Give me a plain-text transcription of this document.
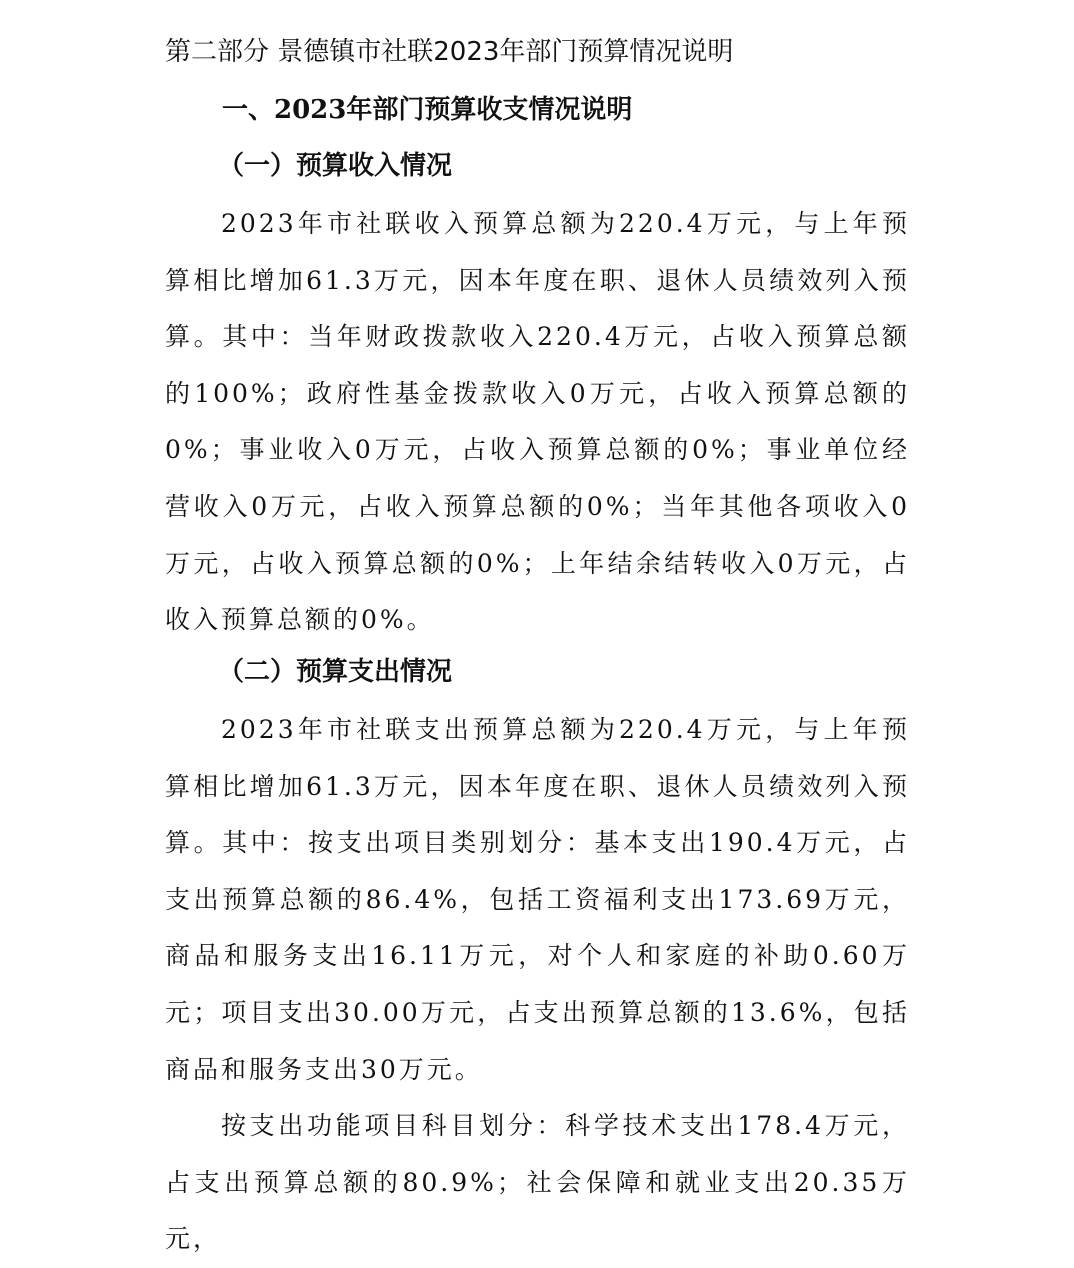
第二部分 景德镇市社联2023年部门预算情况说明
一、2023年部门预算收支情况说明
（一）预算收入情况

2023年市社联收入预算总额为220.4万元，与上年预算相比增加61.3万元，因本年度在职、退休人员绩效列入预算。其中：当年财政拨款收入220.4万元，占收入预算总额的100%；政府性基金拨款收入0万元，占收入预算总额的0%；事业收入0万元，占收入预算总额的0%；事业单位经营收入0万元，占收入预算总额的0%；当年其他各项收入0万元，占收入预算总额的0%；上年结余结转收入0万元，占收入预算总额的0%。

（二）预算支出情况

2023年市社联支出预算总额为220.4万元，与上年预算相比增加61.3万元，因本年度在职、退休人员绩效列入预算。其中：按支出项目类别划分：基本支出190.4万元，占支出预算总额的86.4%，包括工资福利支出173.69万元，商品和服务支出16.11万元，对个人和家庭的补助0.60万元；项目支出30.00万元，占支出预算总额的13.6%，包括商品和服务支出30万元。

按支出功能项目科目划分：科学技术支出178.4万元，占支出预算总额的80.9%；社会保障和就业支出20.35万元，
